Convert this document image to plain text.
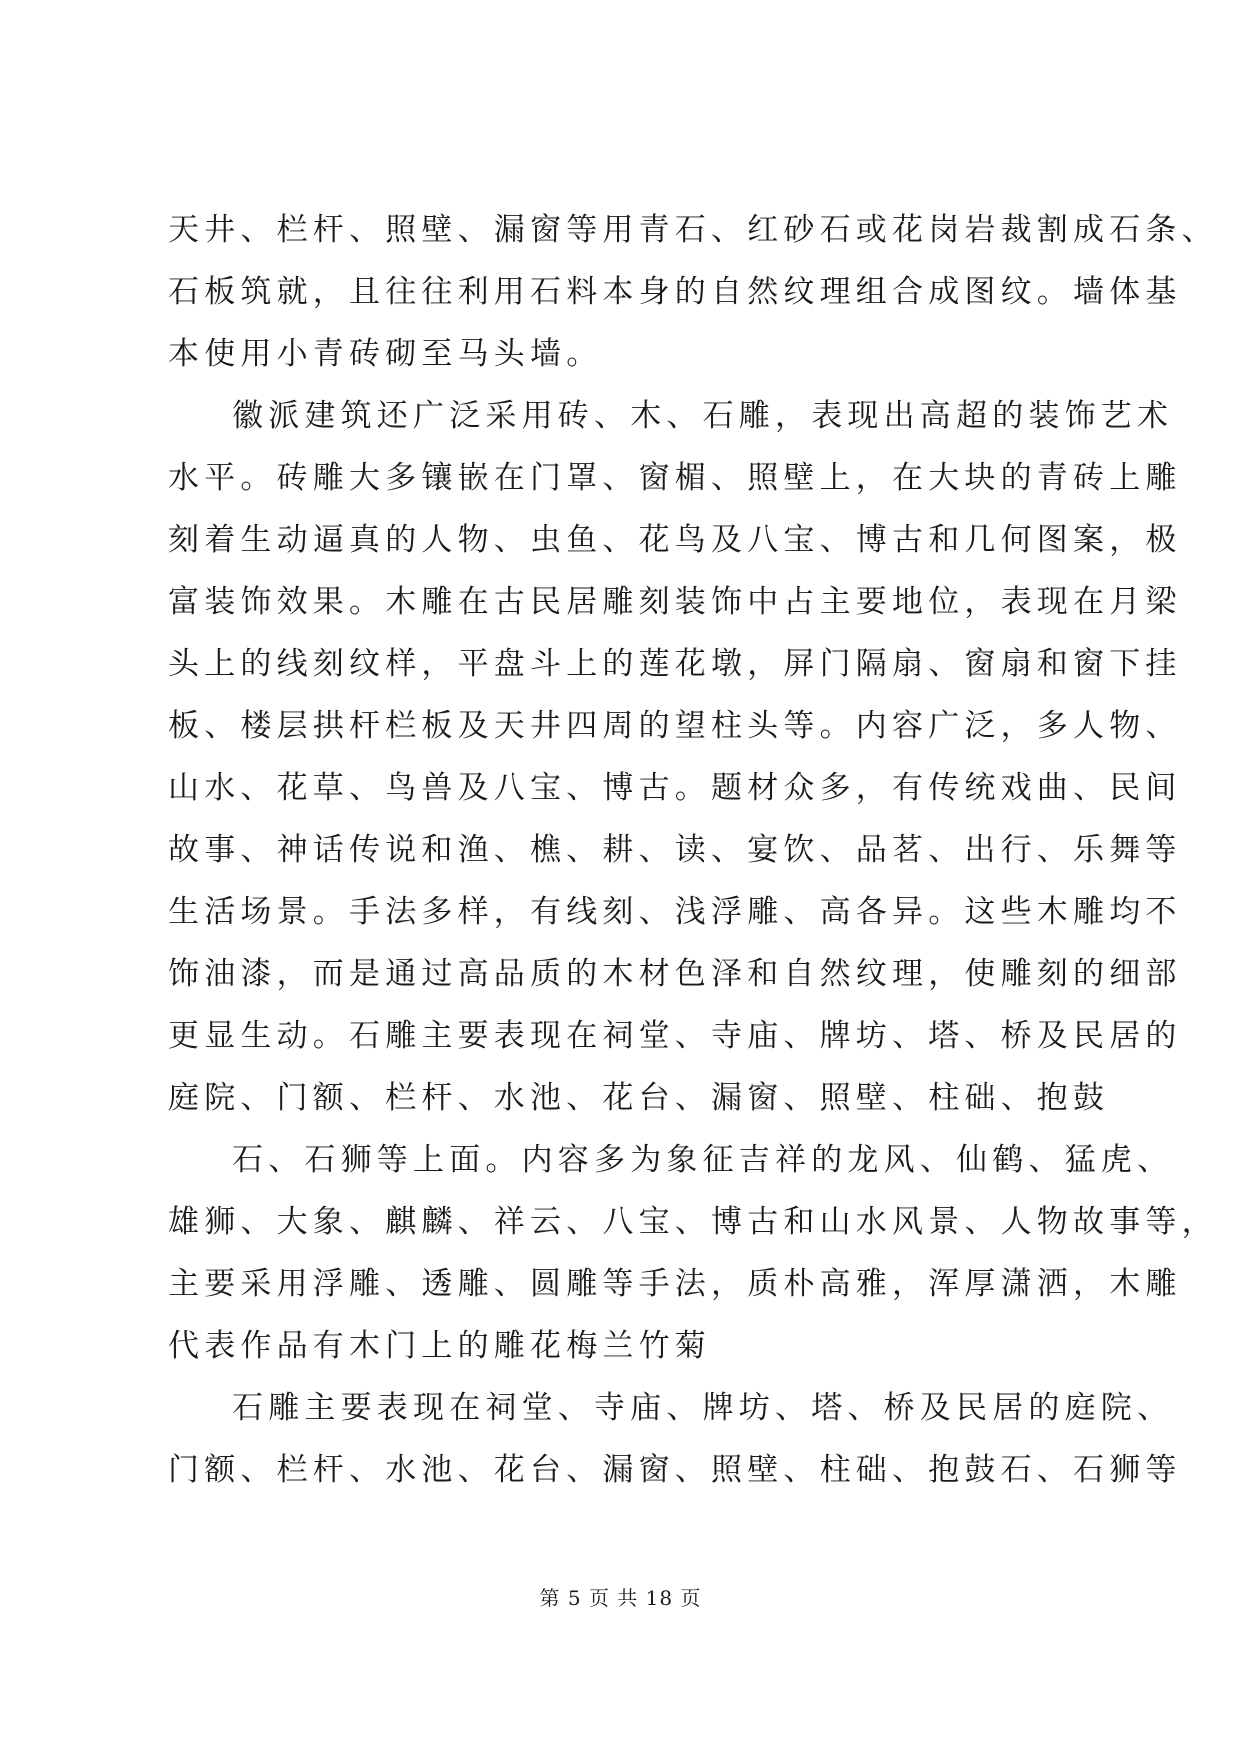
天井、栏杆、照壁、漏窗等用青石、红砂石或花岗岩裁割成石条、
石板筑就，且往往利用石料本身的自然纹理组合成图纹。墙体基
本使用小青砖砌至马头墙。
徽派建筑还广泛采用砖、木、石雕，表现出高超的装饰艺术
水平。砖雕大多镶嵌在门罩、窗楣、照壁上，在大块的青砖上雕
刻着生动逼真的人物、虫鱼、花鸟及八宝、博古和几何图案，极
富装饰效果。木雕在古民居雕刻装饰中占主要地位，表现在月梁
头上的线刻纹样，平盘斗上的莲花墩，屏门隔扇、窗扇和窗下挂
板、楼层拱杆栏板及天井四周的望柱头等。内容广泛，多人物、
山水、花草、鸟兽及八宝、博古。题材众多，有传统戏曲、民间
故事、神话传说和渔、樵、耕、读、宴饮、品茗、出行、乐舞等
生活场景。手法多样，有线刻、浅浮雕、高各异。这些木雕均不
饰油漆，而是通过高品质的木材色泽和自然纹理，使雕刻的细部
更显生动。石雕主要表现在祠堂、寺庙、牌坊、塔、桥及民居的
庭院、门额、栏杆、水池、花台、漏窗、照壁、柱础、抱鼓
石、石狮等上面。内容多为象征吉祥的龙风、仙鹤、猛虎、
雄狮、大象、麒麟、祥云、八宝、博古和山水风景、人物故事等，
主要采用浮雕、透雕、圆雕等手法，质朴高雅，浑厚潇洒，木雕
代表作品有木门上的雕花梅兰竹菊
石雕主要表现在祠堂、寺庙、牌坊、塔、桥及民居的庭院、
门额、栏杆、水池、花台、漏窗、照壁、柱础、抱鼓石、石狮等
第 5 页 共 18 页
